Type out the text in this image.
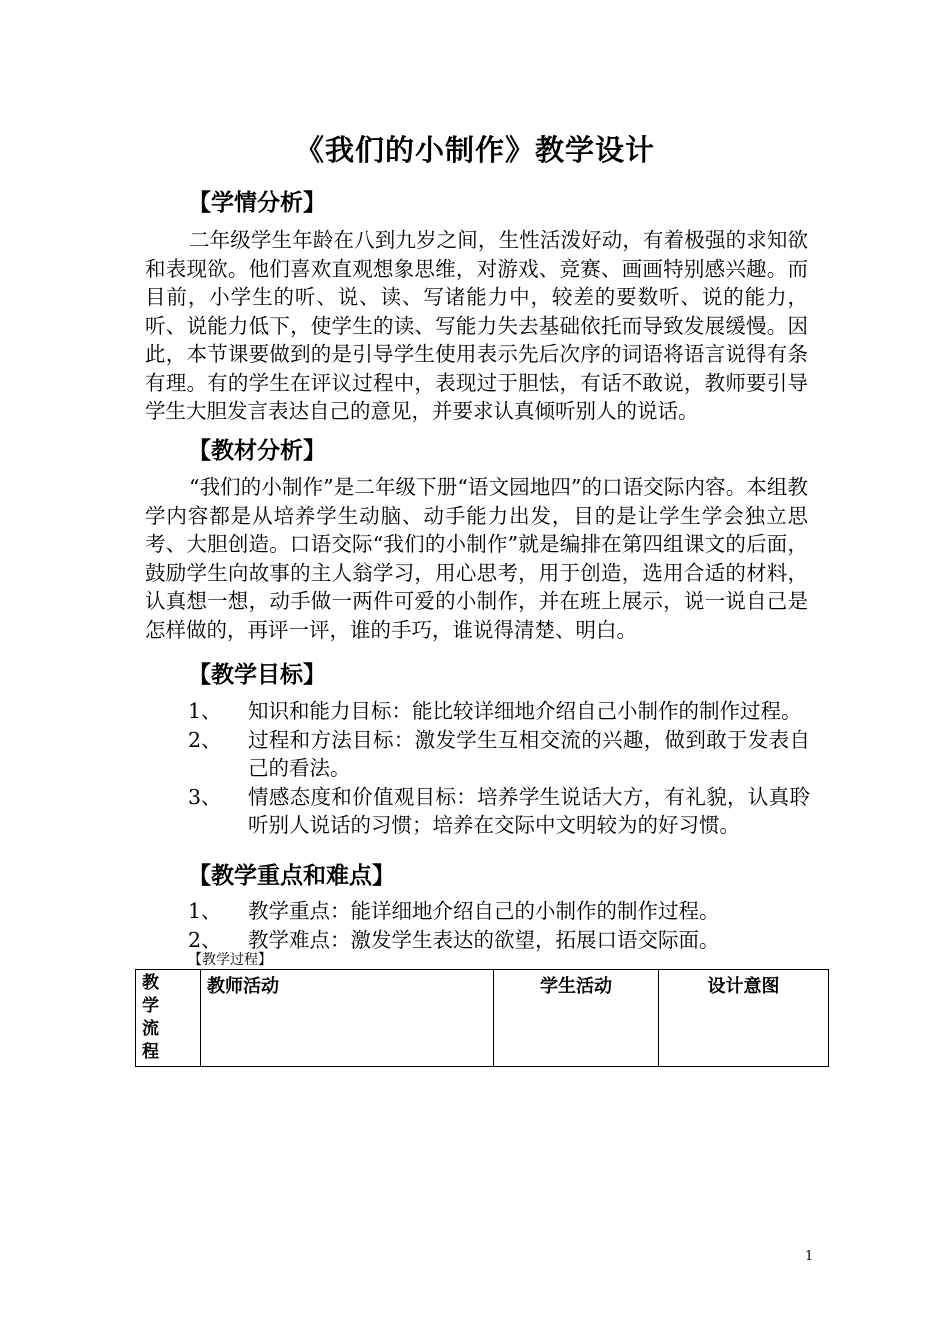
《我们的小制作》教学设计
【学情分析】

二年级学生年龄在八到九岁之间，生性活泼好动，有着极强的求知欲和表现欲。他们喜欢直观想象思维，对游戏、竞赛、画画特别感兴趣。而目前，小学生的听、说、读、写诸能力中，较差的要数听、说的能力，听、说能力低下，使学生的读、写能力失去基础依托而导致发展缓慢。因此，本节课要做到的是引导学生使用表示先后次序的词语将语言说得有条有理。有的学生在评议过程中，表现过于胆怯，有话不敢说，教师要引导学生大胆发言表达自己的意见，并要求认真倾听别人的说话。

【教材分析】

“我们的小制作”是二年级下册“语文园地四”的口语交际内容。本组教学内容都是从培养学生动脑、动手能力出发，目的是让学生学会独立思考、大胆创造。口语交际“我们的小制作”就是编排在第四组课文的后面，鼓励学生向故事的主人翁学习，用心思考，用于创造，选用合适的材料，认真想一想，动手做一两件可爱的小制作，并在班上展示，说一说自己是怎样做的，再评一评，谁的手巧，谁说得清楚、明白。

【教学目标】
1、	知识和能力目标：能比较详细地介绍自己小制作的制作过程。
2、	过程和方法目标：激发学生互相交流的兴趣，做到敢于发表自己的看法。
3、	情感态度和价值观目标：培养学生说话大方，有礼貌，认真聆听别人说话的习惯；培养在交际中文明较为的好习惯。
【教学重点和难点】
1、	教学重点：能详细地介绍自己的小制作的制作过程。
2、	教学难点：激发学生表达的欲望，拓展口语交际面。
【教学过程】
教 学 流 程	教师活动	学生活动	设计意图
1
